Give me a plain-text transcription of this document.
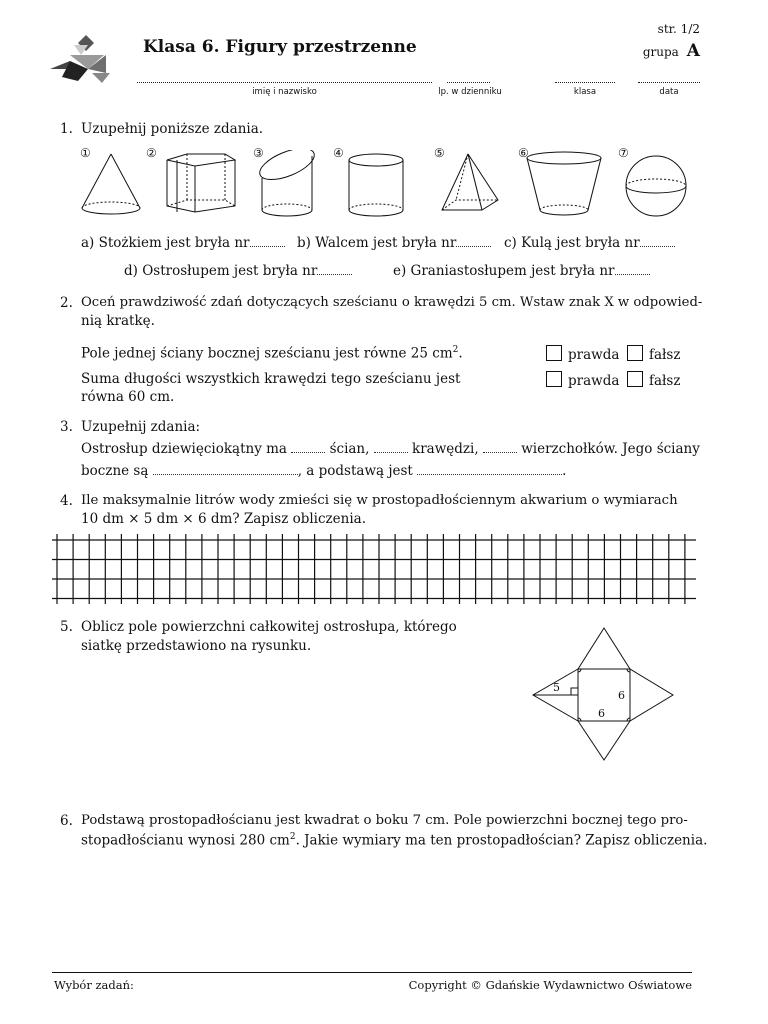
Klasa 6. Figury przestrzenne
str. 1/2
grupa A
imię i nazwisko	lp. w dzienniku	klasa	data
1. Uzupełnij poniższe zdania.
①	②	③	④	⑤	⑥	⑦
a) Stożkiem jest bryła nr	b) Walcem jest bryła nr	c) Kulą jest bryła nr
d) Ostrosłupem jest bryła nr	e) Graniastosłupem jest bryła nr
2. Oceń prawdziwość zdań dotyczących sześcianu o krawędzi 5 cm. Wstaw znak X w odpowied-
nią kratkę.
Pole jednej ściany bocznej sześcianu jest równe 25 $cm^2$.	prawda	fałsz
Suma długości wszystkich krawędzi tego sześcianu jest
równa 60 cm.
prawda	fałsz
3. Uzupełnij zdania:
Ostrosłup dziewięciokątny ma	ścian,	krawędzi,	wierzchołków. Jego ściany
boczne są	, a podstawą jest	.
4. Ile maksymalnie litrów wody zmieści się w prostopadłościennym akwarium o wymiarach
10 dm × 5 dm × 6 dm? Zapisz obliczenia.
5. Oblicz pole powierzchni całkowitej ostrosłupa, którego
siatkę przedstawiono na rysunku.
5
6
6
6. Podstawą prostopadłościanu jest kwadrat o boku 7 cm. Pole powierzchni bocznej tego pro-
stopadłościanu wynosi 280 $cm^2$. Jakie wymiary ma ten prostopadłościan? Zapisz obliczenia.
Wybór zadań:	Copyright © Gdańskie Wydawnictwo Oświatowe
